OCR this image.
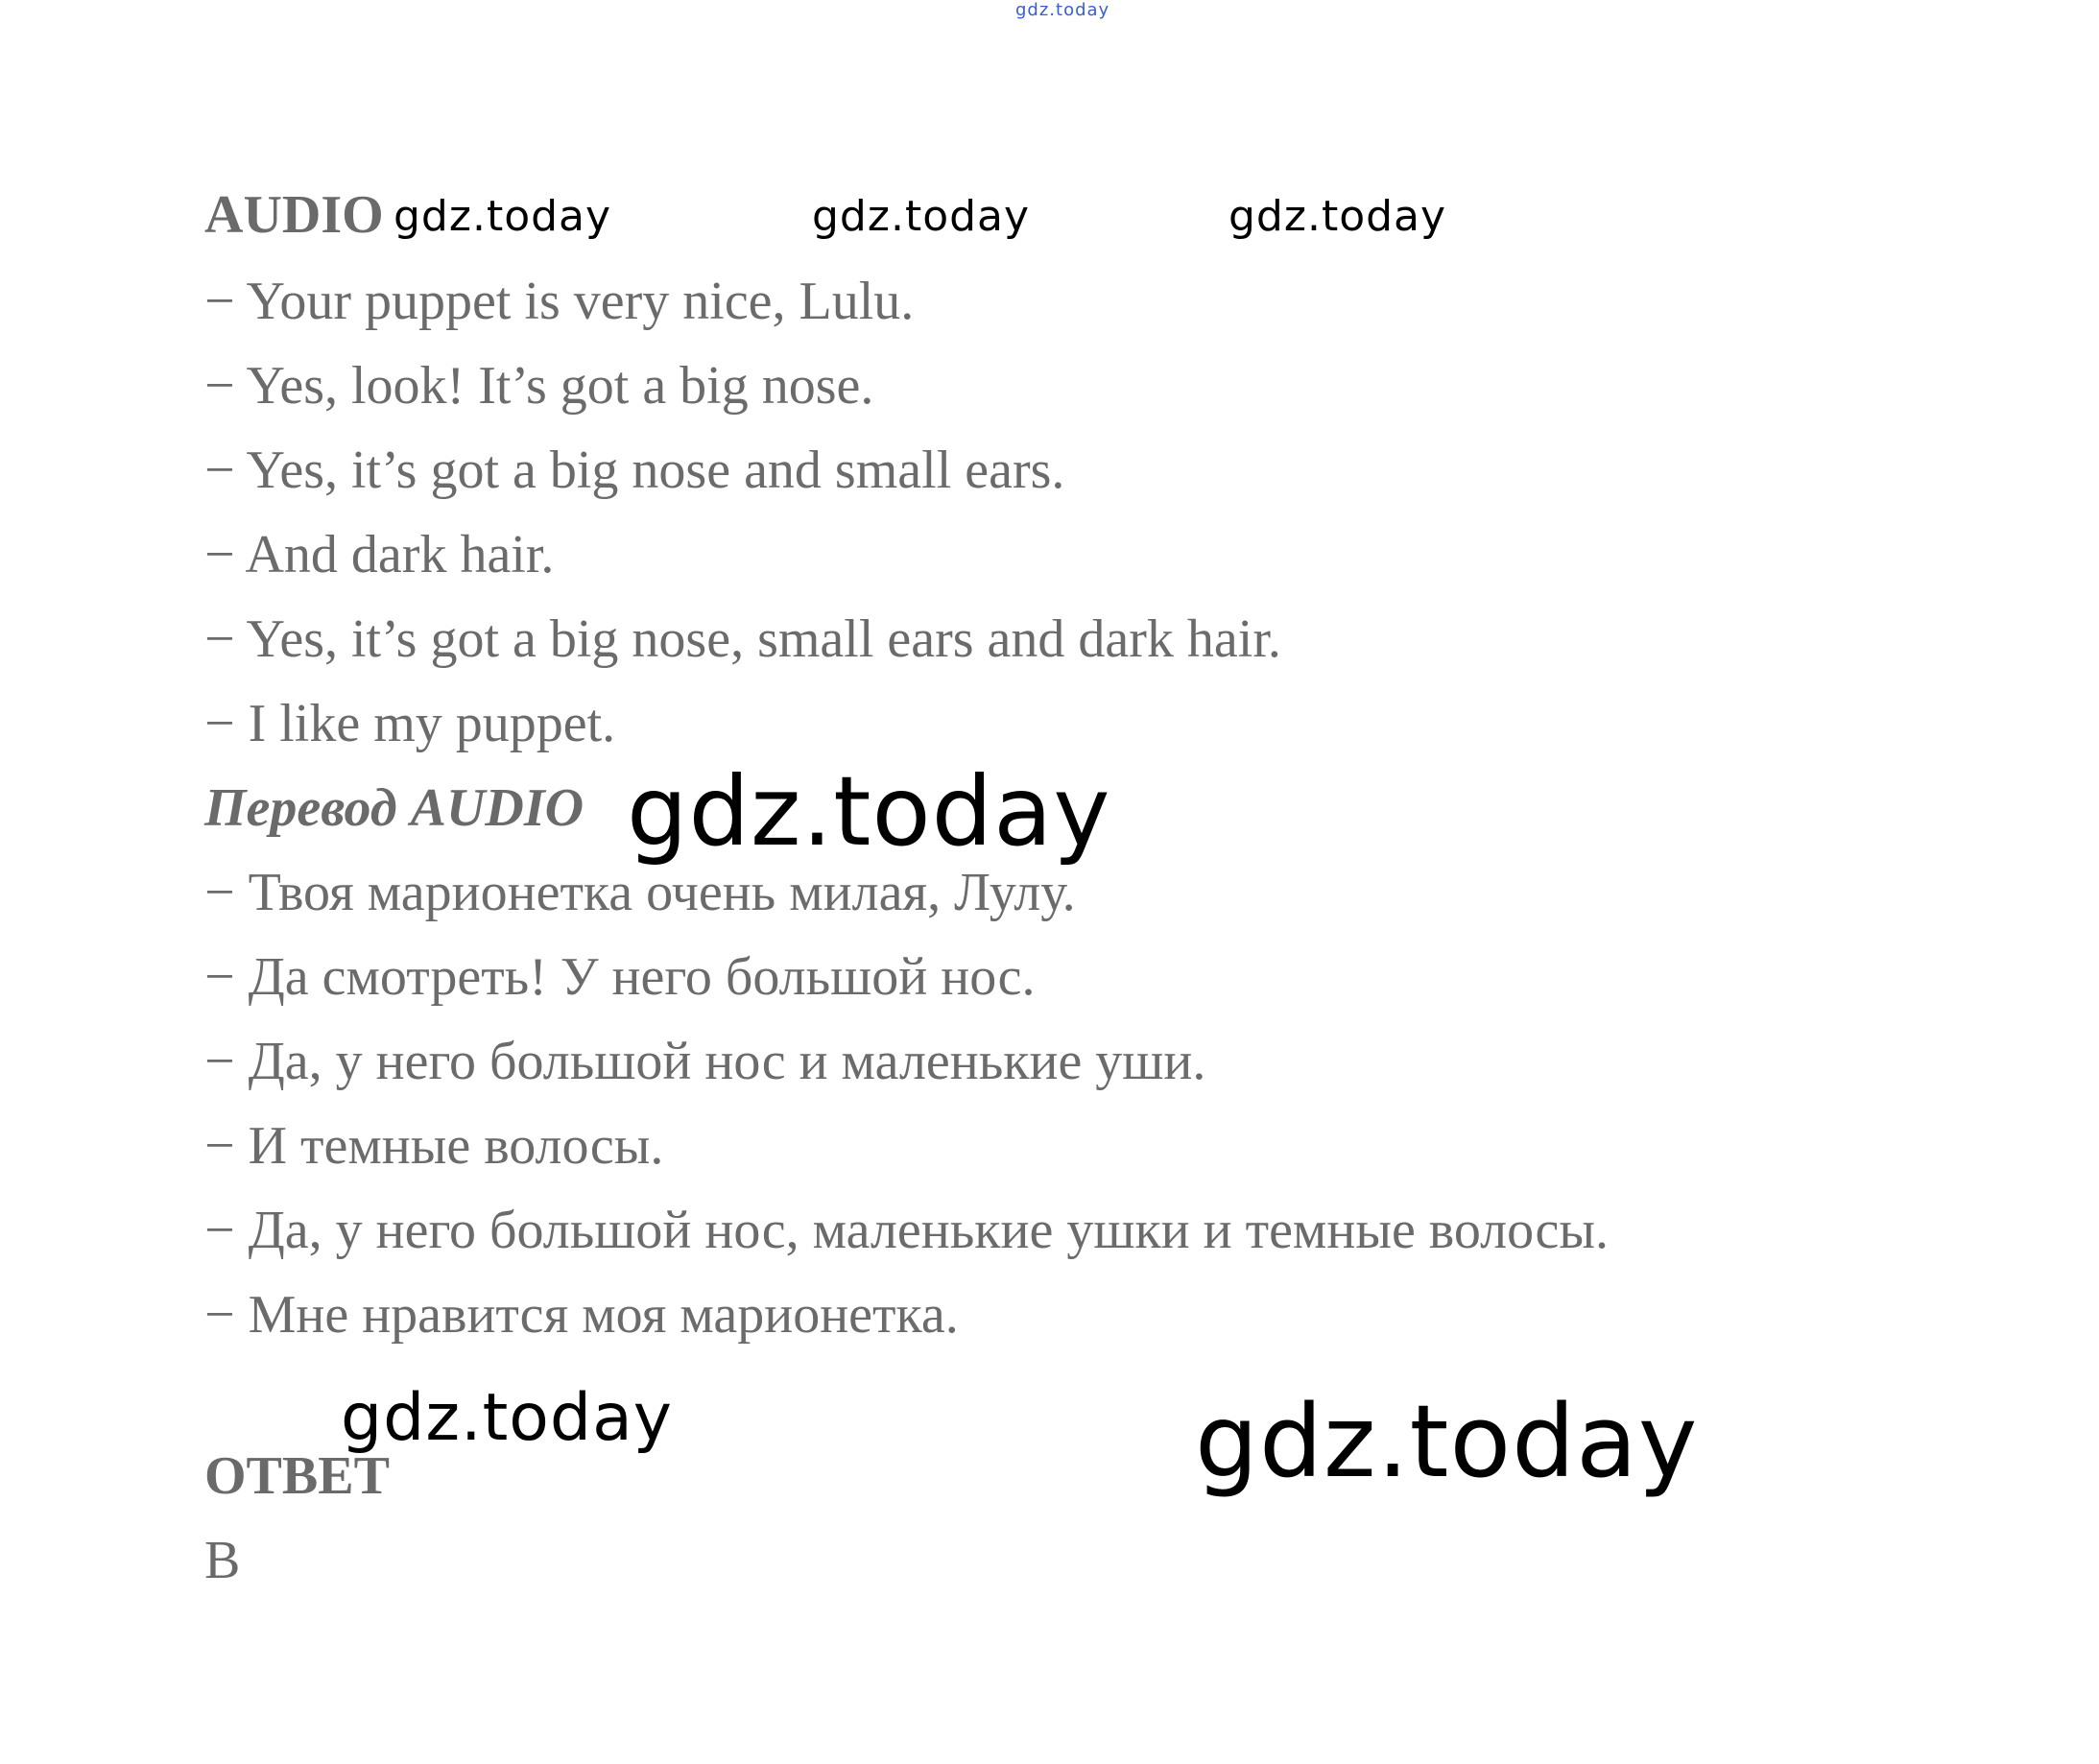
gdz.today
AUDIO gdz.today	gdz.today	gdz.today
− Your puppet is very nice, Lulu.
− Yes, look! It’s got a big nose.
− Yes, it’s got a big nose and small ears.
− And dark hair.
− Yes, it’s got a big nose, small ears and dark hair.
− I like my puppet.
Перевод AUDIO gdz.today
− Твоя марионетка очень милая, Лулу.
− Да смотреть! У него большой нос.
− Да, у него большой нос и маленькие уши.
− И темные волосы.
− Да, у него большой нос, маленькие ушки и темные волосы.
− Мне нравится моя марионетка.
gdz.today	gdz.today
ОТВЕТ
B
